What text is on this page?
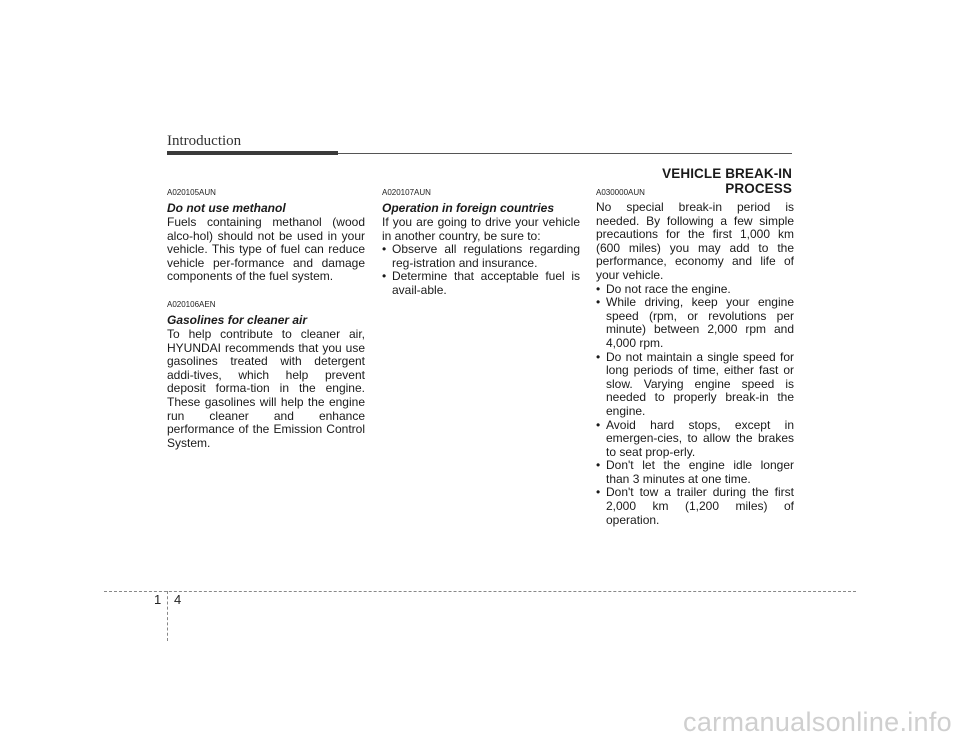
Introduction
VEHICLE BREAK-IN PROCESS

A020105AUN

Do not use methanol

Fuels containing methanol (wood alco-hol) should not be used in your vehicle. This type of fuel can reduce vehicle per-formance and damage components of the fuel system.

A020106AEN

Gasolines for cleaner air

To help contribute to cleaner air, HYUNDAI recommends that you use gasolines treated with detergent addi-tives, which help prevent deposit forma-tion in the engine. These gasolines will help the engine run cleaner and enhance performance of the Emission Control System.

A020107AUN

Operation in foreign countries

If you are going to drive your vehicle in another country, be sure to:

• Observe all regulations regarding reg-istration and insurance.
• Determine that acceptable fuel is avail-able.

A030000AUN

No special break-in period is needed. By following a few simple precautions for the first 1,000 km (600 miles) you may add to the performance, economy and life of your vehicle.

• Do not race the engine.
• While driving, keep your engine speed (rpm, or revolutions per minute) between 2,000 rpm and 4,000 rpm.
• Do not maintain a single speed for long periods of time, either fast or slow. Varying engine speed is needed to properly break-in the engine.
• Avoid hard stops, except in emergen-cies, to allow the brakes to seat prop-erly.
• Don't let the engine idle longer than 3 minutes at one time.
• Don't tow a trailer during the first 2,000 km (1,200 miles) of operation.
1 4
carmanualsonline.info
